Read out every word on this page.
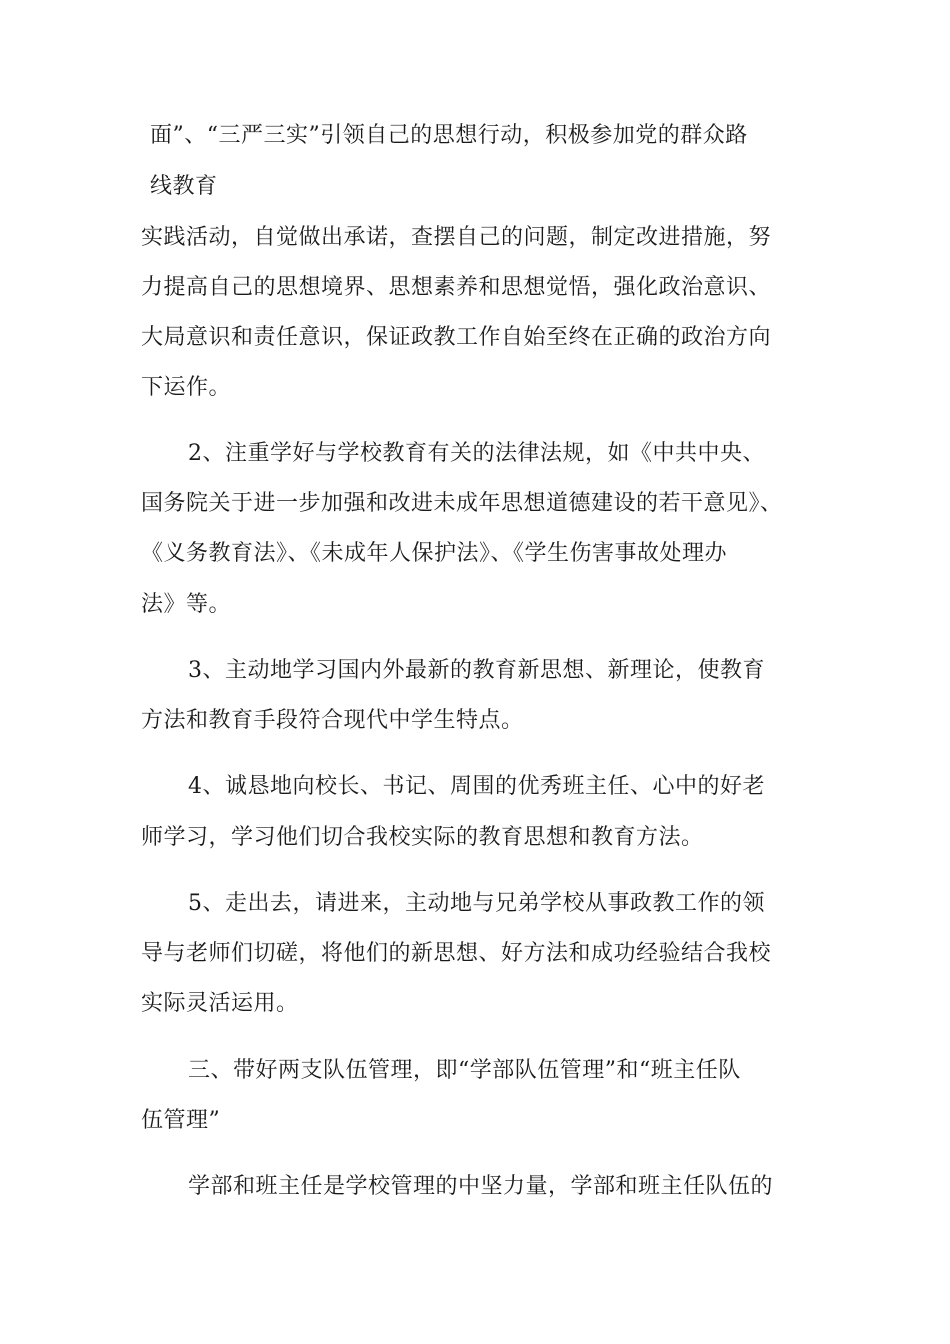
面”、“三严三实”引领自己的思想行动，积极参加党的群众路
线教育
实践活动，自觉做出承诺，查摆自己的问题，制定改进措施，努
力提高自己的思想境界、思想素养和思想觉悟，强化政治意识、
大局意识和责任意识，保证政教工作自始至终在正确的政治方向
下运作。
2、注重学好与学校教育有关的法律法规，如《中共中央、
国务院关于进一步加强和改进未成年思想道德建设的若干意见》、
《义务教育法》、《未成年人保护法》、《学生伤害事故处理办
法》等。
3、主动地学习国内外最新的教育新思想、新理论，使教育
方法和教育手段符合现代中学生特点。
4、诚恳地向校长、书记、周围的优秀班主任、心中的好老
师学习，学习他们切合我校实际的教育思想和教育方法。
5、走出去，请进来，主动地与兄弟学校从事政教工作的领
导与老师们切磋，将他们的新思想、好方法和成功经验结合我校
实际灵活运用。
三、带好两支队伍管理，即“学部队伍管理”和“班主任队
伍管理”
学部和班主任是学校管理的中坚力量，学部和班主任队伍的
